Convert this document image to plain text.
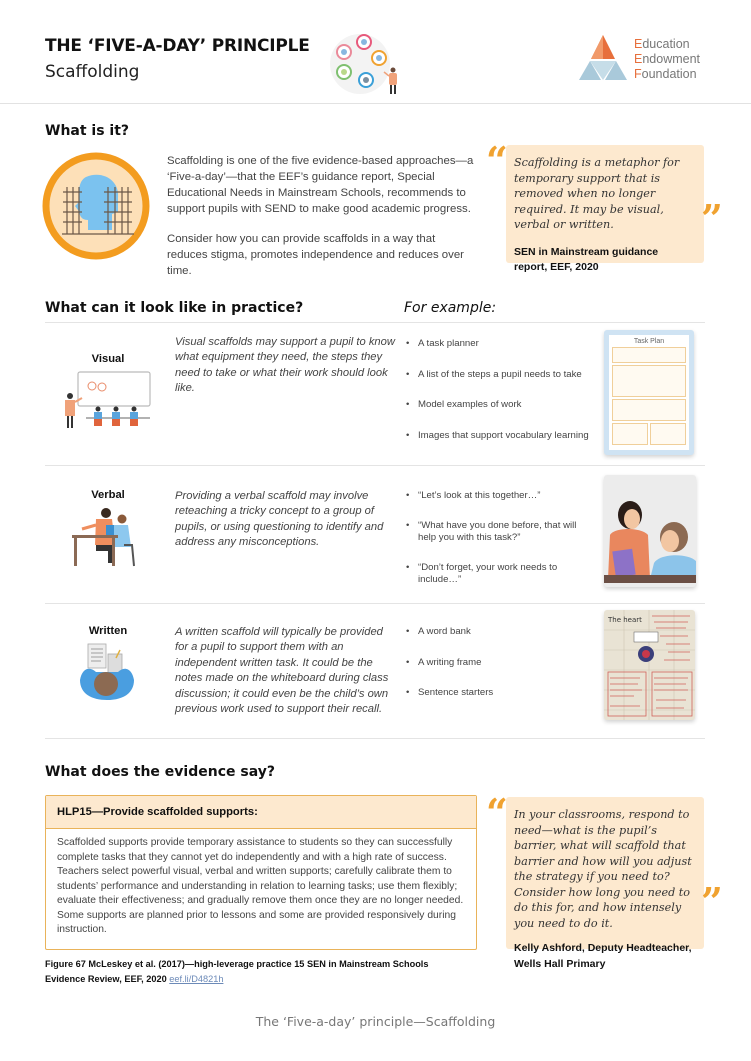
THE ‘FIVE-A-DAY’ PRINCIPLE
Scaffolding
Education
Endowment
Foundation
What is it?

Scaffolding is one of the five evidence-based approaches—a ‘Five-a-day’—that the EEF’s guidance report, Special Educational Needs in Mainstream Schools, recommends to support pupils with SEND to make good academic progress.

Consider how you can provide scaffolds in a way that reduces stigma, promotes independence and reduces over time.

Scaffolding is a metaphor for temporary support that is removed when no longer required. It may be visual, verbal or written.
SEN in Mainstream guidance report, EEF, 2020
“
”
What can it look like in practice?	For example:
Visual
Visual scaffolds may support a pupil to know what equipment they need, the steps they need to take or what their work should look like.
• A task planner
• A list of the steps a pupil needs to take
• Model examples of work
• Images that support vocabulary learning
Task Plan
Verbal	Providing a verbal scaffold may involve reteaching a tricky concept to a group of pupils, or using questioning to identify and address any misconceptions.
• “Let’s look at this together…”
• “What have you done before, that will help you with this task?”
• “Don’t forget, your work needs to include…”
Written	A written scaffold will typically be provided for a pupil to support them with an independent written task. It could be the notes made on the whiteboard during class discussion; it could even be the child’s own previous work used to support their recall.
• A word bank
• A writing frame
• Sentence starters
The heart
What does the evidence say?
HLP15—Provide scaffolded supports:
Scaffolded supports provide temporary assistance to students so they can successfully complete tasks that they cannot yet do independently and with a high rate of success. Teachers select powerful visual, verbal and written supports; carefully calibrate them to students’ performance and understanding in relation to learning tasks; use them flexibly; evaluate their effectiveness; and gradually remove them once they are no longer needed. Some supports are planned prior to lessons and some are provided responsively during instruction.
Figure 67 McLeskey et al. (2017)—high-leverage practice 15 SEN in Mainstream Schools Evidence Review, EEF, 2020 eef.li/D4821h
In your classrooms, respond to need—what is the pupil’s barrier, what will scaffold that barrier and how will you adjust the strategy if you need to? Consider how long you need to do this for, and how intensely you need to do it.
Kelly Ashford, Deputy Headteacher, Wells Hall Primary
“
”
The ‘Five-a-day’ principle—Scaffolding
